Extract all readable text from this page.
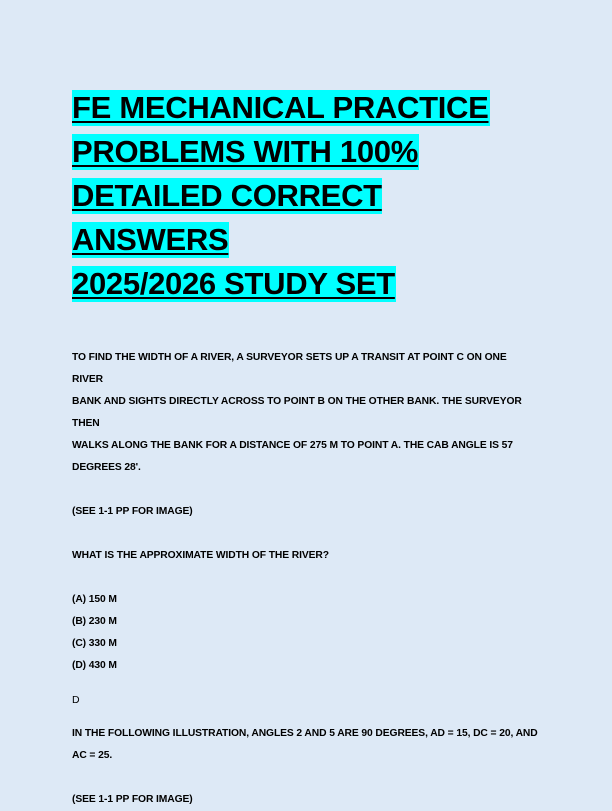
FE MECHANICAL PRACTICE
PROBLEMS WITH 100%
DETAILED CORRECT ANSWERS
2025/2026 STUDY SET
TO FIND THE WIDTH OF A RIVER, A SURVEYOR SETS UP A TRANSIT AT POINT C ON ONE RIVER
BANK AND SIGHTS DIRECTLY ACROSS TO POINT B ON THE OTHER BANK. THE SURVEYOR THEN
WALKS ALONG THE BANK FOR A DISTANCE OF 275 M TO POINT A. THE CAB ANGLE IS 57
DEGREES 28'.
(SEE 1-1 PP FOR IMAGE)
WHAT IS THE APPROXIMATE WIDTH OF THE RIVER?
(A) 150 M
(B) 230 M
(C) 330 M
(D) 430 M
D
IN THE FOLLOWING ILLUSTRATION, ANGLES 2 AND 5 ARE 90 DEGREES, AD = 15, DC = 20, AND
AC = 25.
(SEE 1-1 PP FOR IMAGE)
